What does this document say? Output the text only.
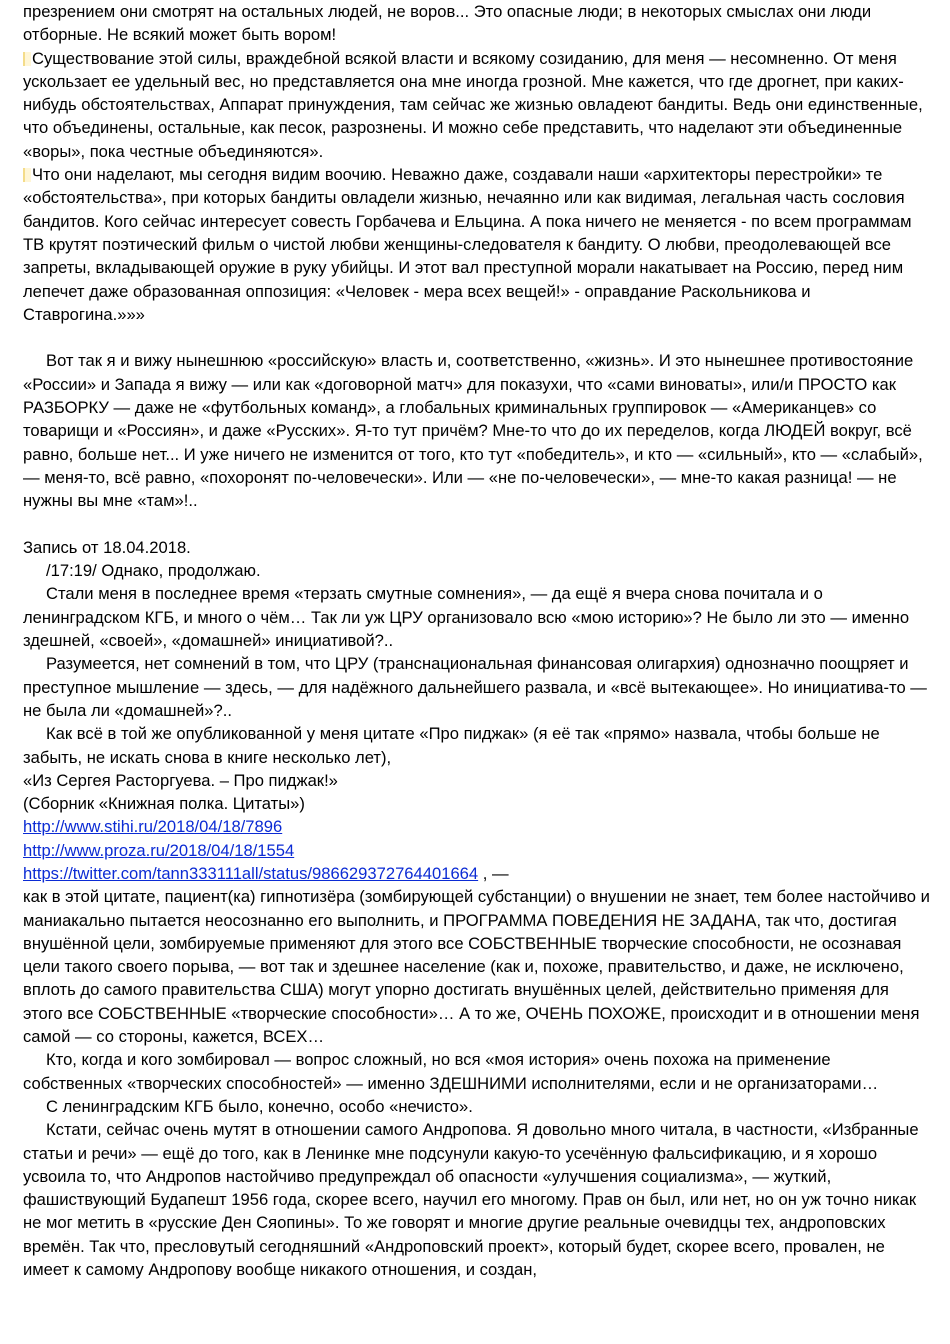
презрением они смотрят на остальных людей, не воров... Это опасные люди; в некоторых смыслах они люди отборные. Не всякий может быть вором!

Существование этой силы, враждебной всякой власти и всякому созиданию, для меня — несомненно. От меня ускользает ее удельный вес, но представляется она мне иногда грозной. Мне кажется, что где дрогнет, при каких-нибудь обстоятельствах, Аппарат принуждения, там сейчас же жизнью овладеют бандиты. Ведь они единственные, что объединены, остальные, как песок, разрознены. И можно себе представить, что наделают эти объединенные «воры», пока честные объединяются».

Что они наделают, мы сегодня видим воочию. Неважно даже, создавали наши «архитекторы перестройки» те «обстоятельства», при которых бандиты овладели жизнью, нечаянно или как видимая, легальная часть сословия бандитов. Кого сейчас интересует совесть Горбачева и Ельцина. А пока ничего не меняется - по всем программам ТВ крутят поэтический фильм о чистой любви женщины-следователя к бандиту. О любви, преодолевающей все запреты, вкладывающей оружие в руку убийцы. И этот вал преступной морали накатывает на Россию, перед ним лепечет даже образованная оппозиция: «Человек - мера всех вещей!» - оправдание Раскольникова и Ставрогина.»»»

Вот так я и вижу нынешнюю «российскую» власть и, соответственно, «жизнь». И это нынешнее противостояние «России» и Запада я вижу — или как «договорной матч» для показухи, что «сами виноваты», или/и ПРОСТО как РАЗБОРКУ — даже не «футбольных команд», а глобальных криминальных группировок — «Американцев» со товарищи и «Россиян», и даже «Русских». Я-то тут причём? Мне-то что до их переделов, когда ЛЮДЕЙ вокруг, всё равно, больше нет... И уже ничего не изменится от того, кто тут «победитель», и кто — «сильный», кто — «слабый», — меня-то, всё равно, «похоронят по-человечески». Или — «не по-человечески», — мне-то какая разница! — не нужны вы мне «там»!..

Запись от 18.04.2018.

/17:19/ Однако, продолжаю.

Стали меня в последнее время «терзать смутные сомнения», — да ещё я вчера снова почитала и о ленинградском КГБ, и много о чём… Так ли уж ЦРУ организовало всю «мою историю»? Не было ли это — именно здешней, «своей», «домашней» инициативой?..

Разумеется, нет сомнений в том, что ЦРУ (транснациональная финансовая олигархия) однозначно поощряет и преступное мышление — здесь, — для надёжного дальнейшего развала, и «всё вытекающее». Но инициатива-то — не была ли «домашней»?..

Как всё в той же опубликованной у меня цитате «Про пиджак» (я её так «прямо» назвала, чтобы больше не забыть, не искать снова в книге несколько лет),

«Из Сергея Расторгуева. – Про пиджак!»

(Сборник «Книжная полка. Цитаты»)

http://www.stihi.ru/2018/04/18/7896

http://www.proza.ru/2018/04/18/1554

https://twitter.com/tann333111all/status/986629372764401664 , —

как в этой цитате, пациент(ка) гипнотизёра (зомбирующей субстанции) о внушении не знает, тем более настойчиво и маниакально пытается неосознанно его выполнить, и ПРОГРАММА ПОВЕДЕНИЯ НЕ ЗАДАНА, так что, достигая внушённой цели, зомбируемые применяют для этого все СОБСТВЕННЫЕ творческие способности, не осознавая цели такого своего порыва, — вот так и здешнее население (как и, похоже, правительство, и даже, не исключено, вплоть до самого правительства США) могут упорно достигать внушённых целей, действительно применяя для этого все СОБСТВЕННЫЕ «творческие способности»… А то же, ОЧЕНЬ ПОХОЖЕ, происходит и в отношении меня самой — со стороны, кажется, ВСЕХ…

Кто, когда и кого зомбировал — вопрос сложный, но вся «моя история» очень похожа на применение собственных «творческих способностей» — именно ЗДЕШНИМИ исполнителями, если и не организаторами…

С ленинградским КГБ было, конечно, особо «нечисто».

Кстати, сейчас очень мутят в отношении самого Андропова. Я довольно много читала, в частности, «Избранные статьи и речи» — ещё до того, как в Ленинке мне подсунули какую-то усечённую фальсификацию, и я хорошо усвоила то, что Андропов настойчиво предупреждал об опасности «улучшения социализма», — жуткий, фашиствующий Будапешт 1956 года, скорее всего, научил его многому. Прав он был, или нет, но он уж точно никак не мог метить в «русские Ден Сяопины». То же говорят и многие другие реальные очевидцы тех, андроповских времён. Так что, пресловутый сегодняшний «Андроповский проект», который будет, скорее всего, провален, не имеет к самому Андропову вообще никакого отношения, и создан,
